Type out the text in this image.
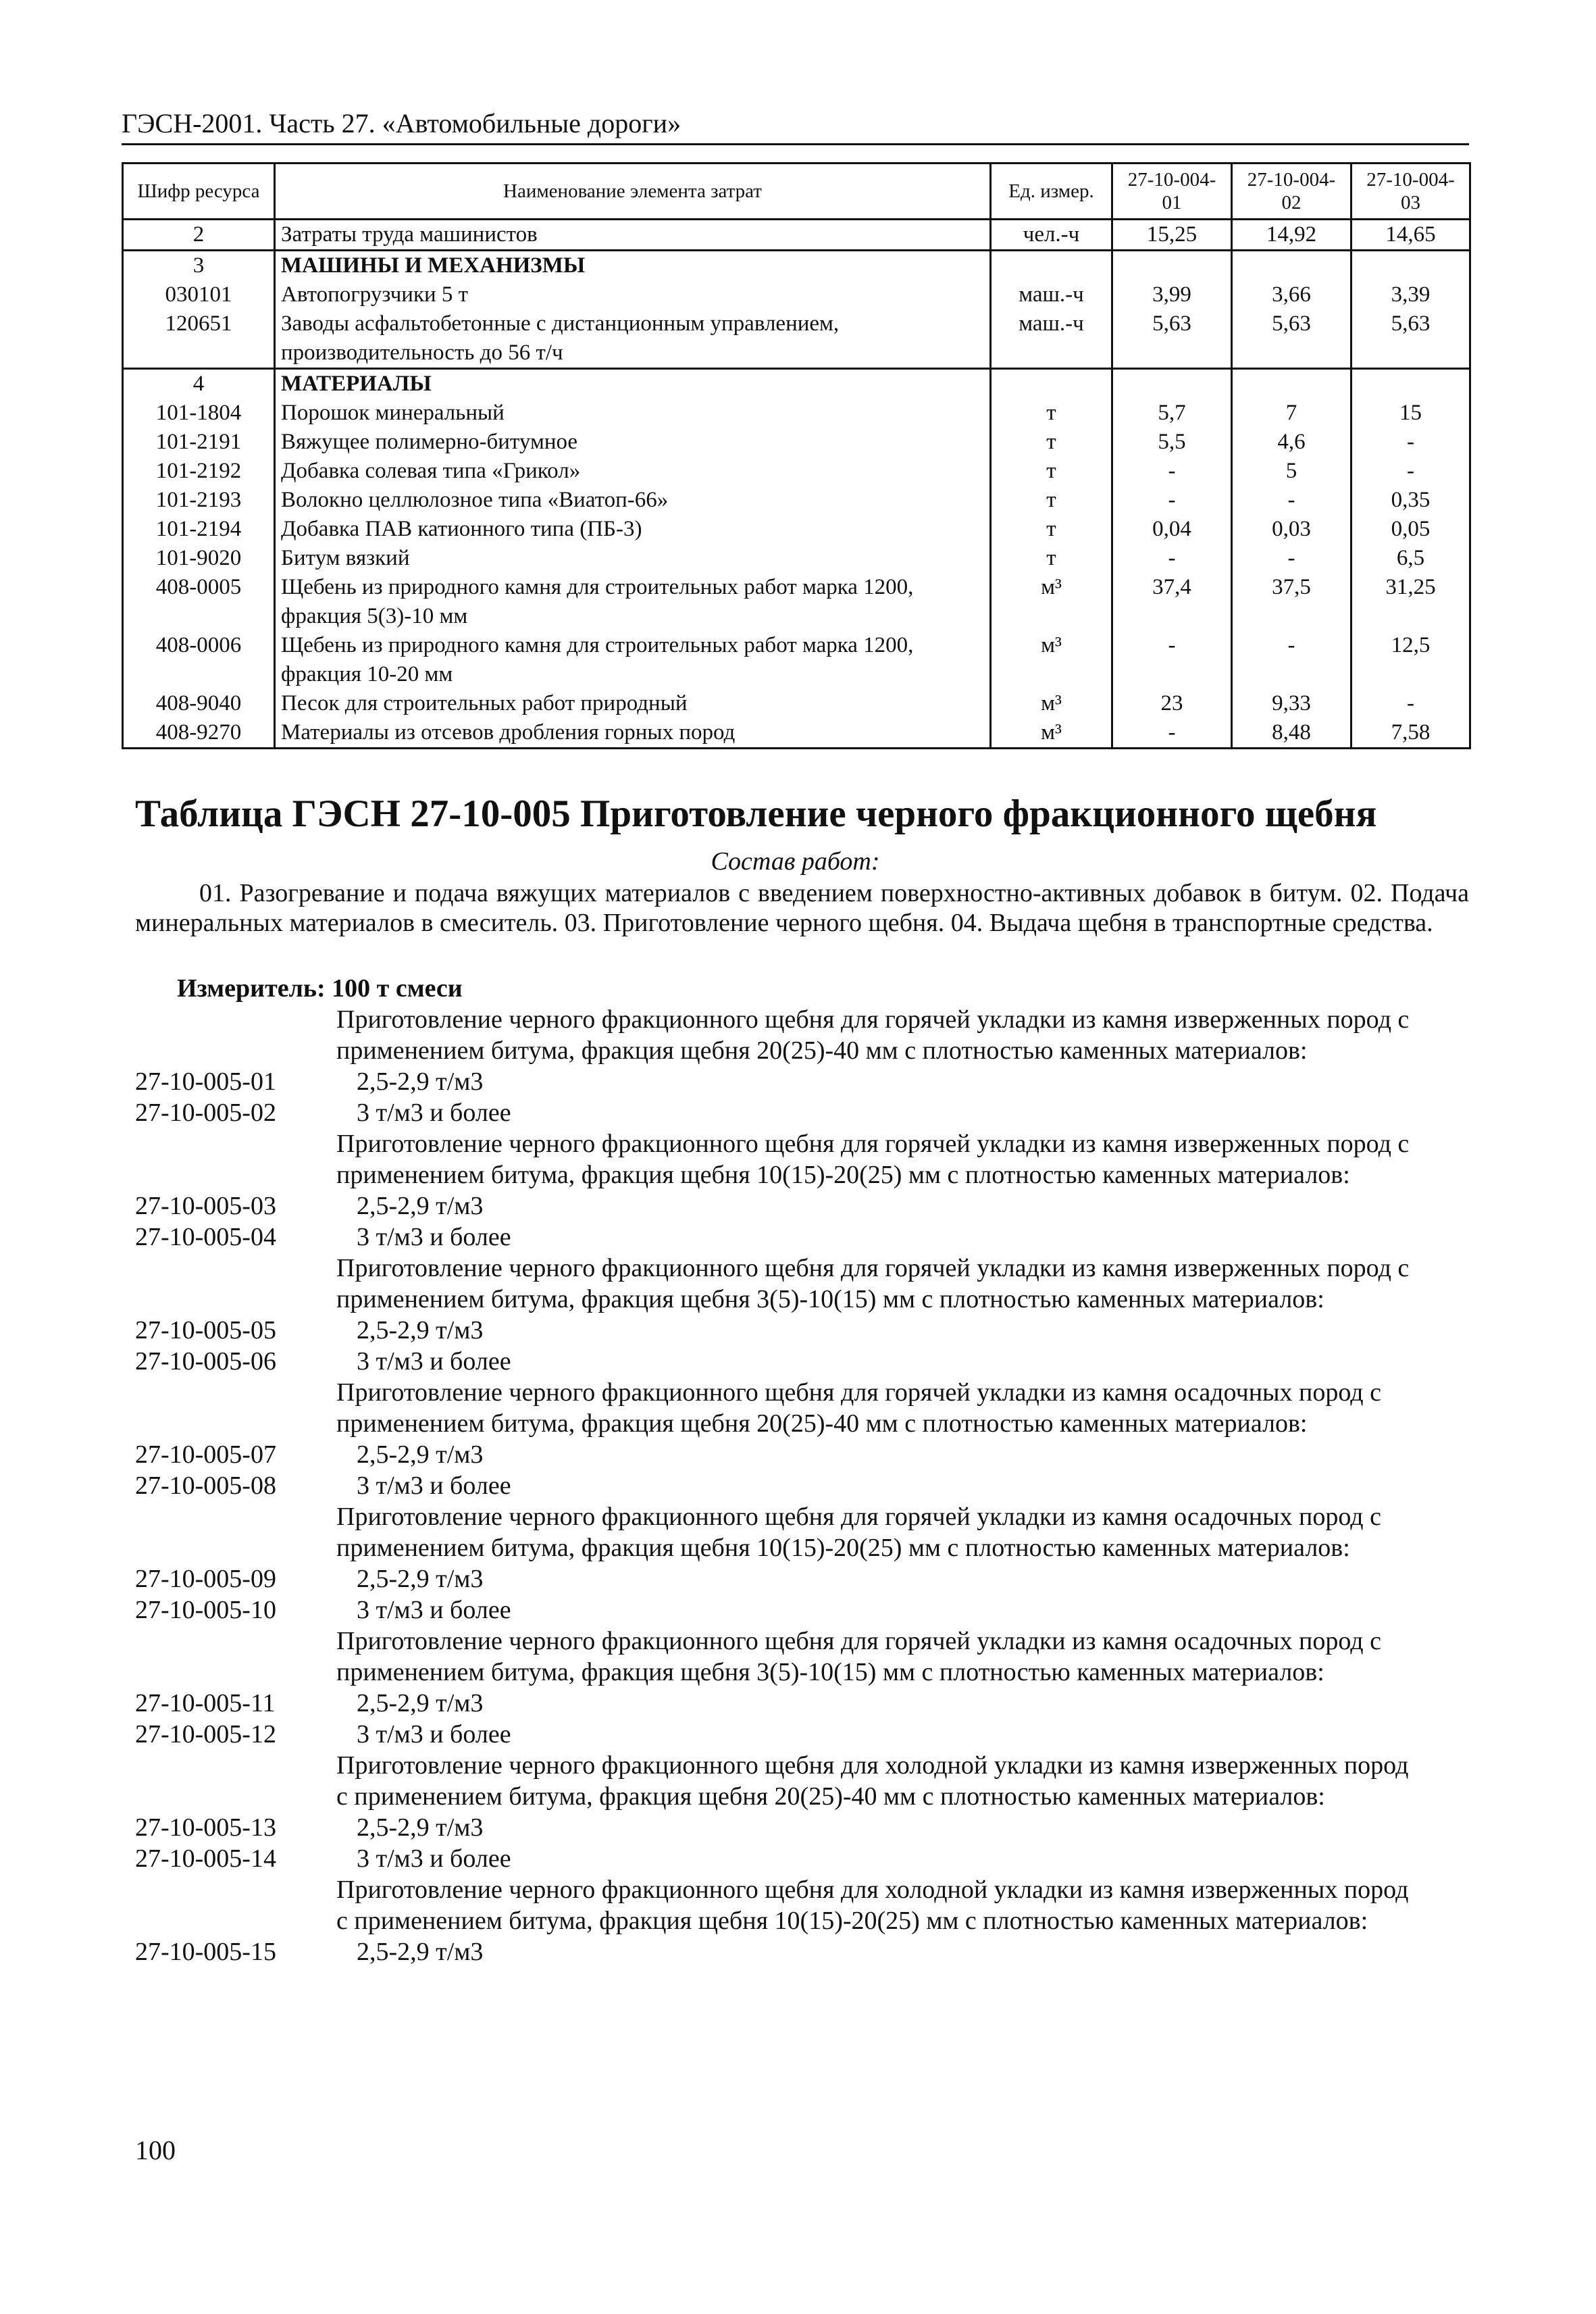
ГЭСН-2001. Часть 27. «Автомобильные дороги»
Шифр ресурса	Наименование элемента затрат	Ед. измер.	27-10-004-01	27-10-004-02	27-10-004-03
2	Затраты труда машинистов	чел.-ч	15,25	14,92	14,65
3	МАШИНЫ И МЕХАНИЗМЫ				
030101	Автопогрузчики 5 т	маш.-ч	3,99	3,66	3,39
120651	Заводы асфальтобетонные с дистанционным управлением, производительность до 56 т/ч	маш.-ч	5,63	5,63	5,63
4	МАТЕРИАЛЫ				
101-1804	Порошок минеральный	т	5,7	7	15
101-2191	Вяжущее полимерно-битумное	т	5,5	4,6	-
101-2192	Добавка солевая типа «Грикол»	т	-	5	-
101-2193	Волокно целлюлозное типа «Виатоп-66»	т	-	-	0,35
101-2194	Добавка ПАВ катионного типа (ПБ-3)	т	0,04	0,03	0,05
101-9020	Битум вязкий	т	-	-	6,5
408-0005	Щебень из природного камня для строительных работ марка 1200, фракция 5(3)-10 мм	м³	37,4	37,5	31,25
408-0006	Щебень из природного камня для строительных работ марка 1200, фракция 10-20 мм	м³	-	-	12,5
408-9040	Песок для строительных работ природный	м³	23	9,33	-
408-9270	Материалы из отсевов дробления горных пород	м³	-	8,48	7,58
Таблица ГЭСН 27-10-005 Приготовление черного фракционного щебня
Состав работ:
01. Разогревание и подача вяжущих материалов с введением поверхностно-активных добавок в битум. 02. Подача минеральных материалов в смеситель. 03. Приготовление черного щебня. 04. Выдача щебня в транспортные средства.
Измеритель: 100 т смеси
Приготовление черного фракционного щебня для горячей укладки из камня изверженных пород с применением битума, фракция щебня 20(25)-40 мм с плотностью каменных материалов:
27-10-005-01	2,5-2,9 т/м3
27-10-005-02	3 т/м3 и более
Приготовление черного фракционного щебня для горячей укладки из камня изверженных пород с применением битума, фракция щебня 10(15)-20(25) мм с плотностью каменных материалов:
27-10-005-03	2,5-2,9 т/м3
27-10-005-04	3 т/м3 и более
Приготовление черного фракционного щебня для горячей укладки из камня изверженных пород с применением битума, фракция щебня 3(5)-10(15) мм с плотностью каменных материалов:
27-10-005-05	2,5-2,9 т/м3
27-10-005-06	3 т/м3 и более
Приготовление черного фракционного щебня для горячей укладки из камня осадочных пород с применением битума, фракция щебня 20(25)-40 мм с плотностью каменных материалов:
27-10-005-07	2,5-2,9 т/м3
27-10-005-08	3 т/м3 и более
Приготовление черного фракционного щебня для горячей укладки из камня осадочных пород с применением битума, фракция щебня 10(15)-20(25) мм с плотностью каменных материалов:
27-10-005-09	2,5-2,9 т/м3
27-10-005-10	3 т/м3 и более
Приготовление черного фракционного щебня для горячей укладки из камня осадочных пород с применением битума, фракция щебня 3(5)-10(15) мм с плотностью каменных материалов:
27-10-005-11	2,5-2,9 т/м3
27-10-005-12	3 т/м3 и более
Приготовление черного фракционного щебня для холодной укладки из камня изверженных пород с применением битума, фракция щебня 20(25)-40 мм с плотностью каменных материалов:
27-10-005-13	2,5-2,9 т/м3
27-10-005-14	3 т/м3 и более
Приготовление черного фракционного щебня для холодной укладки из камня изверженных пород с применением битума, фракция щебня 10(15)-20(25) мм с плотностью каменных материалов:
27-10-005-15	2,5-2,9 т/м3
100
